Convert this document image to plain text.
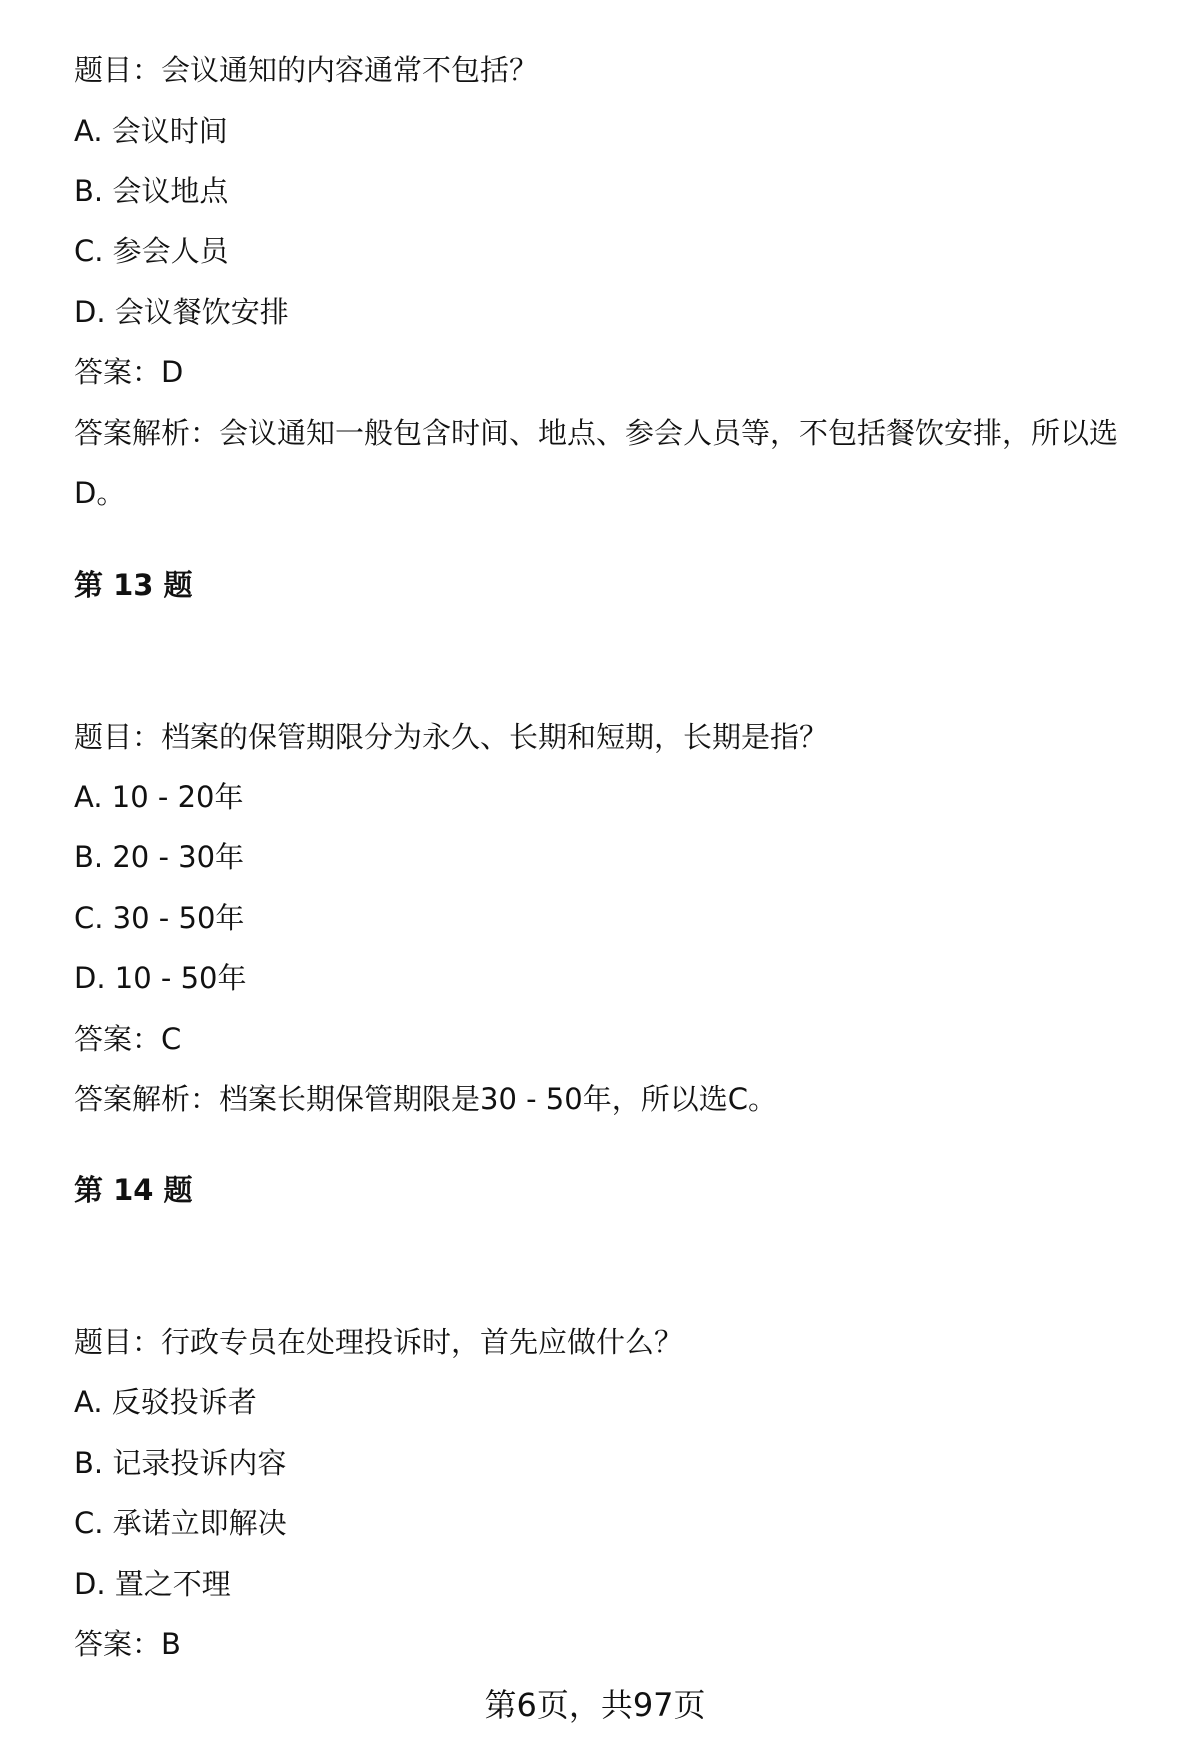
题目：会议通知的内容通常不包括？
A. 会议时间
B. 会议地点
C. 参会人员
D. 会议餐饮安排
答案：D
答案解析：会议通知一般包含时间、地点、参会人员等，不包括餐饮安排，所以选
D。
第 13 题
题目：档案的保管期限分为永久、长期和短期，长期是指？
A. 10 - 20年
B. 20 - 30年
C. 30 - 50年
D. 10 - 50年
答案：C
答案解析：档案长期保管期限是30 - 50年，所以选C。
第 14 题
题目：行政专员在处理投诉时，首先应做什么？
A. 反驳投诉者
B. 记录投诉内容
C. 承诺立即解决
D. 置之不理
答案：B
第6页，共97页
